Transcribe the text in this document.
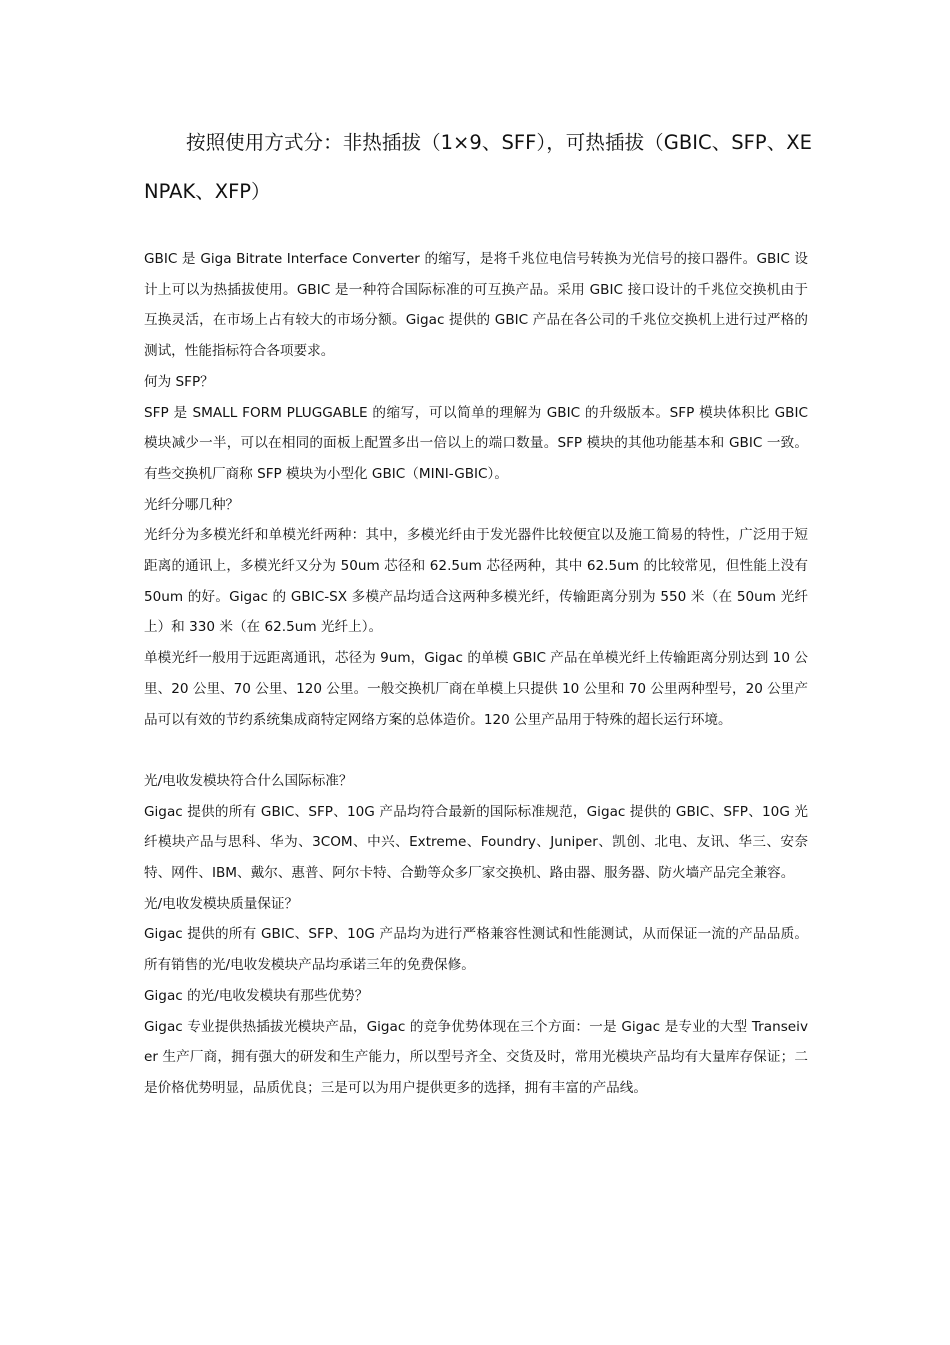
按照使用方式分：非热插拔（1×9、SFF），可热插拔（GBIC、SFP、XENPAK、XFP）

GBIC 是 Giga Bitrate Interface Converter 的缩写，是将千兆位电信号转换为光信号的接口器件。GBIC 设计上可以为热插拔使用。GBIC 是一种符合国际标准的可互换产品。采用 GBIC 接口设计的千兆位交换机由于互换灵活，在市场上占有较大的市场分额。Gigac 提供的 GBIC 产品在各公司的千兆位交换机上进行过严格的测试，性能指标符合各项要求。

何为 SFP？

SFP 是 SMALL FORM PLUGGABLE 的缩写，可以简单的理解为 GBIC 的升级版本。SFP 模块体积比 GBIC 模块减少一半，可以在相同的面板上配置多出一倍以上的端口数量。SFP 模块的其他功能基本和 GBIC 一致。有些交换机厂商称 SFP 模块为小型化 GBIC（MINI-GBIC）。

光纤分哪几种？

光纤分为多模光纤和单模光纤两种：其中，多模光纤由于发光器件比较便宜以及施工简易的特性，广泛用于短距离的通讯上，多模光纤又分为 50um 芯径和 62.5um 芯径两种，其中 62.5um 的比较常见，但性能上没有 50um 的好。Gigac 的 GBIC-SX 多模产品均适合这两种多模光纤，传输距离分别为 550 米（在 50um 光纤上）和 330 米（在 62.5um 光纤上）。

单模光纤一般用于远距离通讯，芯径为 9um，Gigac 的单模 GBIC 产品在单模光纤上传输距离分别达到 10 公里、20 公里、70 公里、120 公里。一般交换机厂商在单模上只提供 10 公里和 70 公里两种型号，20 公里产品可以有效的节约系统集成商特定网络方案的总体造价。120 公里产品用于特殊的超长运行环境。

光/电收发模块符合什么国际标准？

Gigac 提供的所有 GBIC、SFP、10G 产品均符合最新的国际标准规范，Gigac 提供的 GBIC、SFP、10G 光纤模块产品与思科、华为、3COM、中兴、Extreme、Foundry、Juniper、凯创、北电、友讯、华三、安奈特、网件、IBM、戴尔、惠普、阿尔卡特、合勤等众多厂家交换机、路由器、服务器、防火墙产品完全兼容。

光/电收发模块质量保证？

Gigac 提供的所有 GBIC、SFP、10G 产品均为进行严格兼容性测试和性能测试，从而保证一流的产品品质。所有销售的光/电收发模块产品均承诺三年的免费保修。

Gigac 的光/电收发模块有那些优势？

Gigac 专业提供热插拔光模块产品，Gigac 的竞争优势体现在三个方面：一是 Gigac 是专业的大型 Transeiver 生产厂商，拥有强大的研发和生产能力，所以型号齐全、交货及时，常用光模块产品均有大量库存保证；二是价格优势明显，品质优良；三是可以为用户提供更多的选择，拥有丰富的产品线。
